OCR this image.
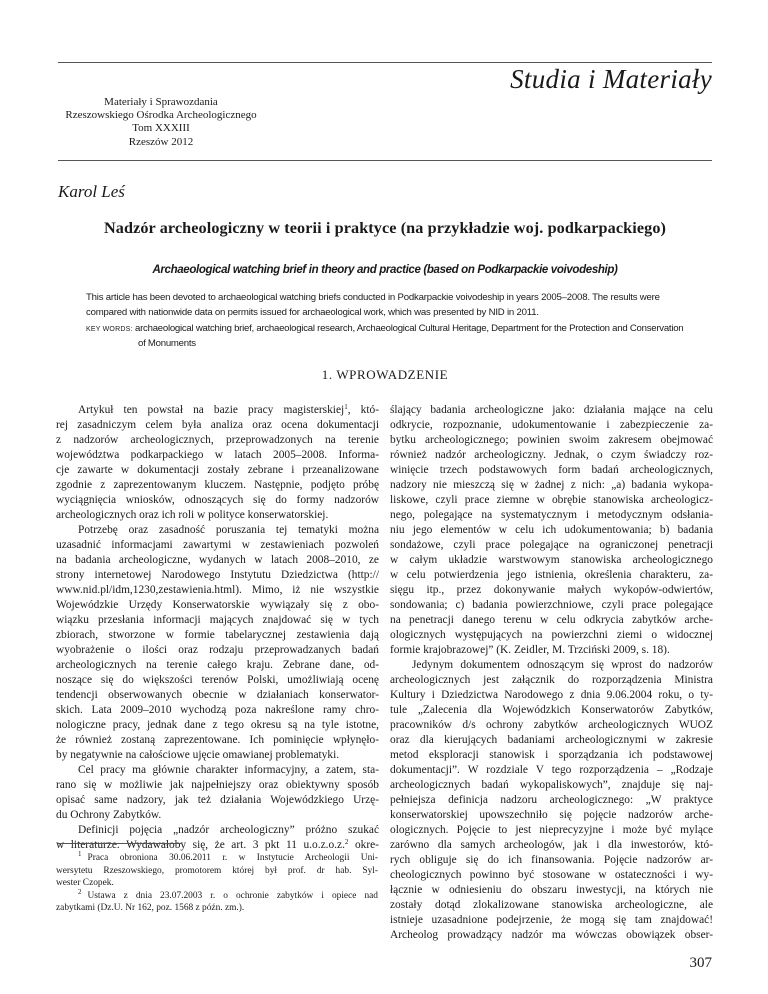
Studia i Materiały
Materiały i Sprawozdania
Rzeszowskiego Ośrodka Archeologicznego
Tom XXXIII
Rzeszów 2012
Karol Leś
Nadzór archeologiczny w teorii i praktyce (na przykładzie woj. podkarpackiego)
Archaeological watching brief in theory and practice (based on Podkarpackie voivodeship)
This article has been devoted to archaeological watching briefs conducted in Podkarpackie voivodeship in years 2005–2008. The results were
compared with nationwide data on permits issued for archaeological work, which was presented by NID in 2011.
KEY WORDS: archaeological watching brief, archaeological research, Archaeological Cultural Heritage, Department for the Protection and Conservation
of Monuments
1. WPROWADZENIE
Artykuł ten powstał na bazie pracy magisterskiej$^1$, któ-
rej zasadniczym celem była analiza oraz ocena dokumentacji
z nadzorów archeologicznych, przeprowadzonych na terenie
województwa podkarpackiego w latach 2005–2008. Informa-
cje zawarte w dokumentacji zostały zebrane i przeanalizowane
zgodnie z zaprezentowanym kluczem. Następnie, podjęto próbę
wyciągnięcia wniosków, odnoszących się do formy nadzorów
archeologicznych oraz ich roli w polityce konserwatorskiej.
Potrzebę oraz zasadność poruszania tej tematyki można
uzasadnić informacjami zawartymi w zestawieniach pozwoleń
na badania archeologiczne, wydanych w latach 2008–2010, ze
strony internetowej Narodowego Instytutu Dziedzictwa (http://
www.nid.pl/idm,1230,zestawienia.html). Mimo, iż nie wszystkie
Wojewódzkie Urzędy Konserwatorskie wywiązały się z obo-
wiązku przesłania informacji mających znajdować się w tych
zbiorach, stworzone w formie tabelarycznej zestawienia dają
wyobrażenie o ilości oraz rodzaju przeprowadzanych badań
archeologicznych na terenie całego kraju. Zebrane dane, od-
noszące się do większości terenów Polski, umożliwiają ocenę
tendencji obserwowanych obecnie w działaniach konserwator-
skich. Lata 2009–2010 wychodzą poza nakreślone ramy chro-
nologiczne pracy, jednak dane z tego okresu są na tyle istotne,
że również zostaną zaprezentowane. Ich pominięcie wpłynęło-
by negatywnie na całościowe ujęcie omawianej problematyki.
Cel pracy ma głównie charakter informacyjny, a zatem, sta-
rano się w możliwie jak najpełniejszy oraz obiektywny sposób
opisać same nadzory, jak też działania Wojewódzkiego Urzę-
du Ochrony Zabytków.
Definicji pojęcia „nadzór archeologiczny” próżno szukać
w literaturze. Wydawałoby się, że art. 3 pkt 11 u.o.z.o.z.$^2$ okre-
ślający badania archeologiczne jako: działania mające na celu
odkrycie, rozpoznanie, udokumentowanie i zabezpieczenie za-
bytku archeologicznego; powinien swoim zakresem obejmować
również nadzór archeologiczny. Jednak, o czym świadczy roz-
winięcie trzech podstawowych form badań archeologicznych,
nadzory nie mieszczą się w żadnej z nich: „a) badania wykopa-
liskowe, czyli prace ziemne w obrębie stanowiska archeologicz-
nego, polegające na systematycznym i metodycznym odsłania-
niu jego elementów w celu ich udokumentowania; b) badania
sondażowe, czyli prace polegające na ograniczonej penetracji
w całym układzie warstwowym stanowiska archeologicznego
w celu potwierdzenia jego istnienia, określenia charakteru, za-
sięgu itp., przez dokonywanie małych wykopów-odwiertów,
sondowania; c) badania powierzchniowe, czyli prace polegające
na penetracji danego terenu w celu odkrycia zabytków arche-
ologicznych występujących na powierzchni ziemi o widocznej
formie krajobrazowej” (K. Zeidler, M. Trzciński 2009, s. 18).
Jedynym dokumentem odnoszącym się wprost do nadzorów
archeologicznych jest załącznik do rozporządzenia Ministra
Kultury i Dziedzictwa Narodowego z dnia 9.06.2004 roku, o ty-
tule „Zalecenia dla Wojewódzkich Konserwatorów Zabytków,
pracowników d/s ochrony zabytków archeologicznych WUOZ
oraz dla kierujących badaniami archeologicznymi w zakresie
metod eksploracji stanowisk i sporządzania ich podstawowej
dokumentacji”. W rozdziale V tego rozporządzenia – „Rodzaje
archeologicznych badań wykopaliskowych”, znajduje się naj-
pełniejsza definicja nadzoru archeologicznego: „W praktyce
konserwatorskiej upowszechniło się pojęcie nadzorów arche-
ologicznych. Pojęcie to jest nieprecyzyjne i może być mylące
zarówno dla samych archeologów, jak i dla inwestorów, któ-
rych obliguje się do ich finansowania. Pojęcie nadzorów ar-
cheologicznych powinno być stosowane w ostateczności i wy-
łącznie w odniesieniu do obszaru inwestycji, na których nie
zostały dotąd zlokalizowane stanowiska archeologiczne, ale
istnieje uzasadnione podejrzenie, że mogą się tam znajdować!
Archeolog prowadzący nadzór ma wówczas obowiązek obser-
$^1$ Praca obroniona 30.06.2011 r. w Instytucie Archeologii Uni-
wersytetu Rzeszowskiego, promotorem której był prof. dr hab. Syl-
wester Czopek.
$^2$ Ustawa z dnia 23.07.2003 r. o ochronie zabytków i opiece nad
zabytkami (Dz.U. Nr 162, poz. 1568 z późn. zm.).
307
